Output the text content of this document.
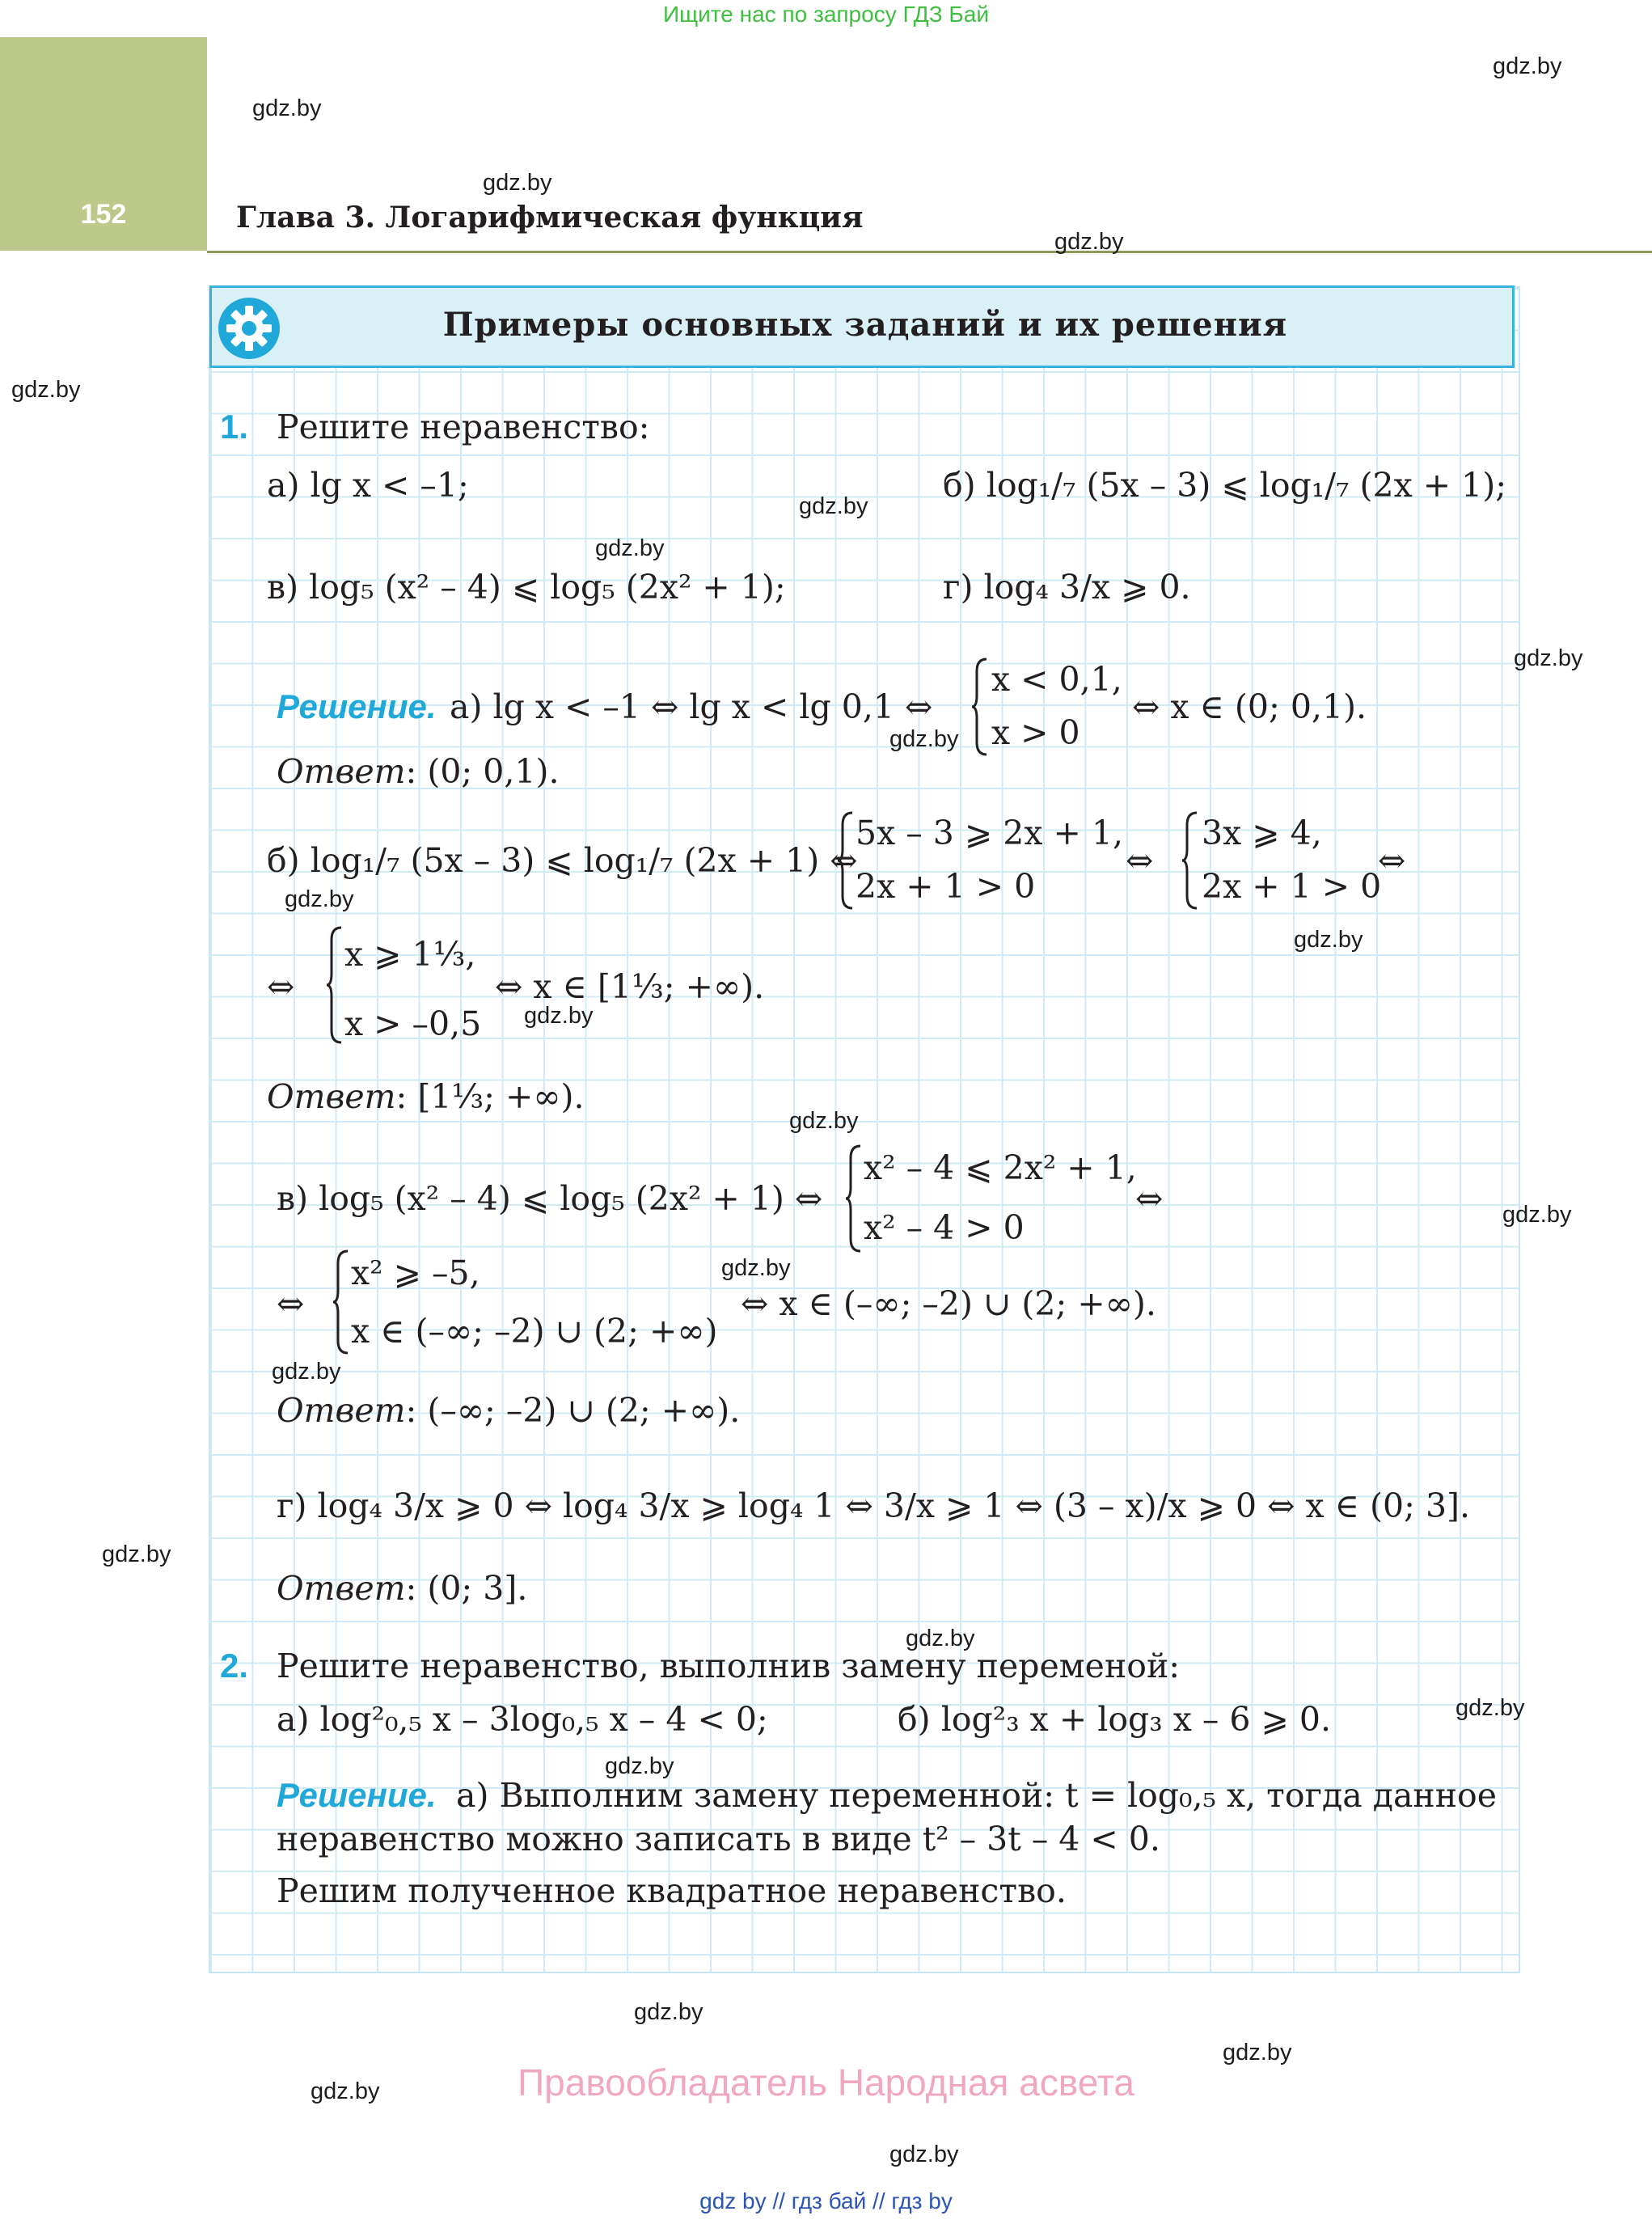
Ищите нас по запросу ГДЗ Бай
152	Глава 3. Логарифмическая функция
gdz.by
gdz.by
gdz.by
gdz.by
gdz.by
Примеры основных заданий и их решения
1. Решите неравенство:
а) lg x < –1;	б) log₁/₇ (5x – 3) ⩽ log₁/₇ (2x + 1);
gdz.by
gdz.by
в) log₅ (x² – 4) ⩽ log₅ (2x² + 1);	г) log₄ 3/x ⩾ 0.
gdz.by
Решение. а) lg x < –1 ⇔ lg x < lg 0,1 ⇔
x < 0,1,
x > 0
⇔ x ∈ (0; 0,1).
gdz.by
Ответ: (0; 0,1).
б) log₁/₇ (5x – 3) ⩽ log₁/₇ (2x + 1) ⇔
5x – 3 ⩾ 2x + 1,
2x + 1 > 0
⇔
3x ⩾ 4,
2x + 1 > 0
⇔
gdz.by
gdz.by
⇔
x ⩾ 1⅓,
x > –0,5
⇔ x ∈ [1⅓; +∞).
gdz.by
Ответ: [1⅓; +∞).
gdz.by
в) log₅ (x² – 4) ⩽ log₅ (2x² + 1) ⇔
x² – 4 ⩽ 2x² + 1,
x² – 4 > 0
⇔	gdz.by
⇔
x² ⩾ –5,
x ∈ (–∞; –2) ∪ (2; +∞)
⇔ x ∈ (–∞; –2) ∪ (2; +∞).
gdz.by
gdz.by
Ответ: (–∞; –2) ∪ (2; +∞).
г) log₄ 3/x ⩾ 0 ⇔ log₄ 3/x ⩾ log₄ 1 ⇔ 3/x ⩾ 1 ⇔ (3 – x)/x ⩾ 0 ⇔ x ∈ (0; 3].
gdz.by
Ответ: (0; 3].
gdz.by
2. Решите неравенство, выполнив замену переменой:
а) log²₀,₅ x – 3log₀,₅ x – 4 < 0;	б) log²₃ x + log₃ x – 6 ⩾ 0.	gdz.by
gdz.by
Решение. а) Выполним замену переменной: t = log₀,₅ x, тогда данное
неравенство можно записать в виде t² – 3t – 4 < 0.
Решим полученное квадратное неравенство.
gdz.by
gdz.by
gdz.by	Правообладатель Народная асвета
gdz.by
gdz by // гдз бай // гдз by
